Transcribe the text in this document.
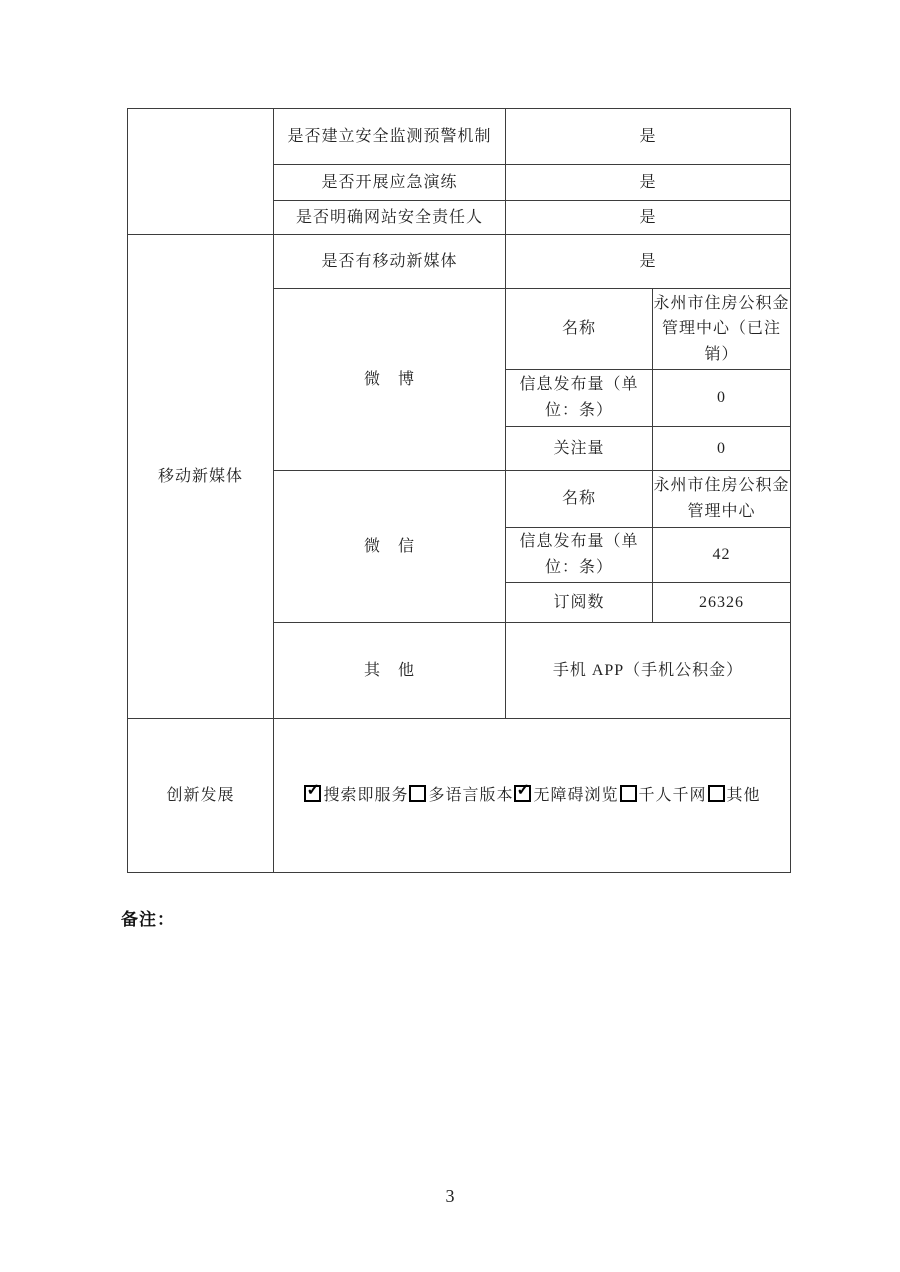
	是否建立安全监测预警机制	是	
	是否开展应急演练	是	
	是否明确网站安全责任人	是	
移动新媒体	是否有移动新媒体	是	
	微　博	名称	永州市住房公积金管理中心（已注销）
		信息发布量（单位：条）	0
		关注量	0
	微　信	名称	永州市住房公积金管理中心
		信息发布量（单位：条）	42
		订阅数	26326
	其　他	手机 APP（手机公积金）	
创新发展	✓搜索即服务 多语言版本 ✓ 无障碍浏览 千人千网 其他
备注：
3
